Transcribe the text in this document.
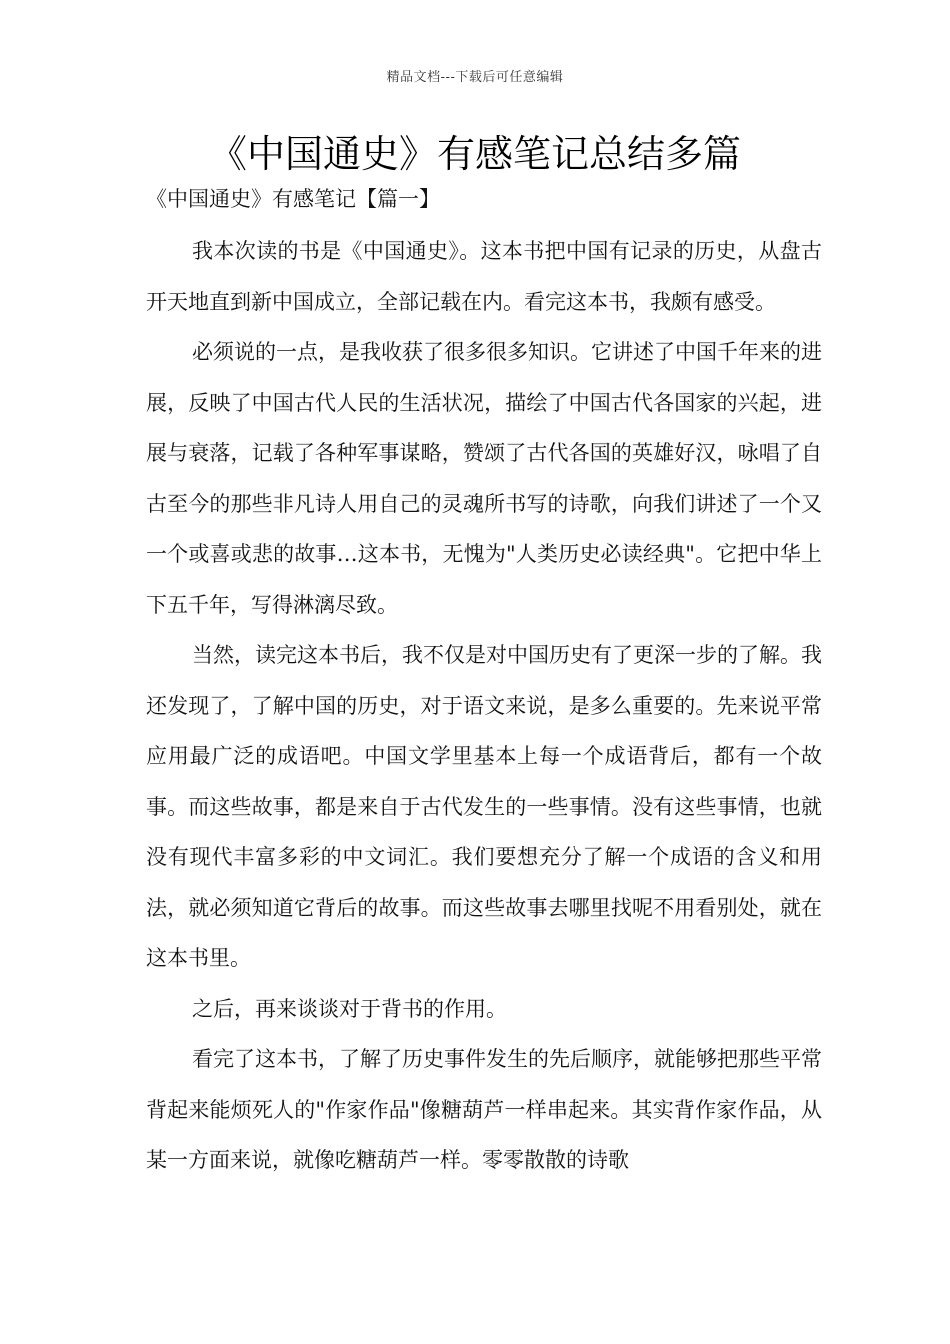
精品文档---下载后可任意编辑
《中国通史》有感笔记总结多篇
《中国通史》有感笔记【篇一】

我本次读的书是《中国通史》。这本书把中国有记录的历史，从盘古开天地直到新中国成立，全部记载在内。看完这本书，我颇有感受。

必须说的一点，是我收获了很多很多知识。它讲述了中国千年来的进展，反映了中国古代人民的生活状况，描绘了中国古代各国家的兴起，进展与衰落，记载了各种军事谋略，赞颂了古代各国的英雄好汉，咏唱了自古至今的那些非凡诗人用自己的灵魂所书写的诗歌，向我们讲述了一个又一个或喜或悲的故事…这本书，无愧为"人类历史必读经典"。它把中华上下五千年，写得淋漓尽致。

当然，读完这本书后，我不仅是对中国历史有了更深一步的了解。我还发现了，了解中国的历史，对于语文来说，是多么重要的。先来说平常应用最广泛的成语吧。中国文学里基本上每一个成语背后，都有一个故事。而这些故事，都是来自于古代发生的一些事情。没有这些事情，也就没有现代丰富多彩的中文词汇。我们要想充分了解一个成语的含义和用法，就必须知道它背后的故事。而这些故事去哪里找呢不用看别处，就在这本书里。

之后，再来谈谈对于背书的作用。

看完了这本书，了解了历史事件发生的先后顺序，就能够把那些平常背起来能烦死人的"作家作品"像糖葫芦一样串起来。其实背作家作品，从某一方面来说，就像吃糖葫芦一样。零零散散的诗歌
